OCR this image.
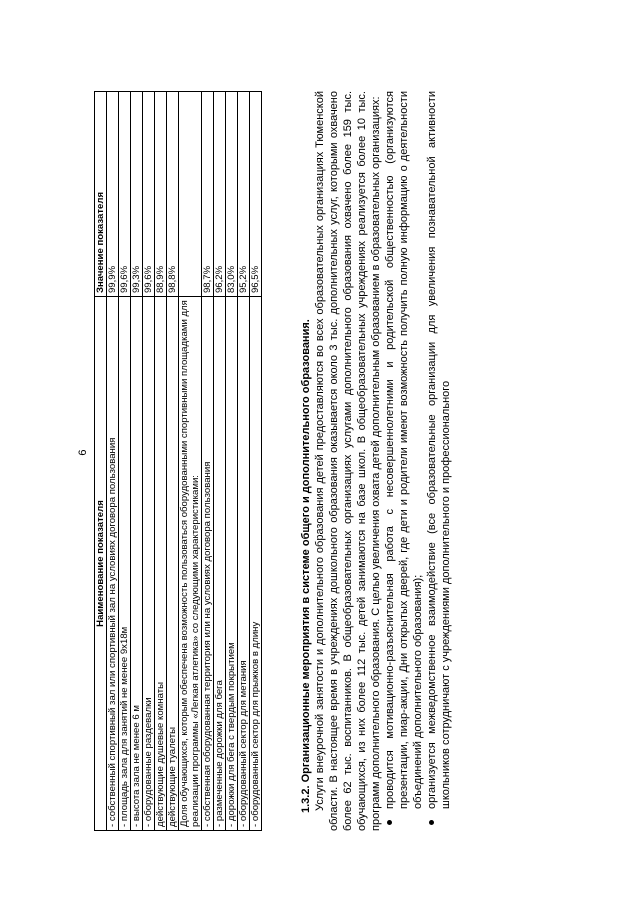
6
Наименование показателя	Значение показателя
- собственный спортивный зал или спортивный зал на условиях договора пользования	99,9%
- площадь зала для занятий не менее 9х18м	99,6%
- высота зала не менее 6 м	99,3%
- оборудованные раздевалки	99,6%
действующие душевые комнаты	88,9%
действующие туалеты	98,8%
Доля обучающихся, которым обеспечена возможность пользоваться оборудованными спортивными площадками для реализации программы «Легкая атлетика» со следующими характеристиками:	
- собственная оборудованная территория или на условиях договора пользования	98,7%
- размеченные дорожки для бега	96,2%
- дорожки для бега с твердым покрытием	83,0%
- оборудованный сектор для метания	95,2%
- оборудованный сектор для прыжков в длину	96,5%

1.3.2. Организационные мероприятия в системе общего и дополнительного образования. Услуги внеурочной занятости и дополнительного образования детей предоставляются во всех образовательных организациях Тюменской области. В настоящее время в учреждениях дошкольного образования оказывается около 3 тыс. дополнительных услуг, которыми охвачено более 62 тыс. воспитанников. В общеобразовательных организациях услугами дополнительного образования охвачено более 159 тыс. обучающихся, из них более 112 тыс. детей занимаются на базе школ. В общеобразовательных учреждениях реализуется более 10 тыс. программ дополнительного образования. С целью увеличения охвата детей дополнительным образованием в образовательных организациях: проводится мотивационно-разъяснительная работа с несовершеннолетними и родительской общественностью (организуются презентации, пиар-акции, Дни открытых дверей, где дети и родители имеют возможность получить полную информацию о деятельности объединений дополнительного образования); организуется межведомственное взаимодействие (все образовательные организации для увеличения познавательной активности школьников сотрудничают с учреждениями дополнительного и профессионального
